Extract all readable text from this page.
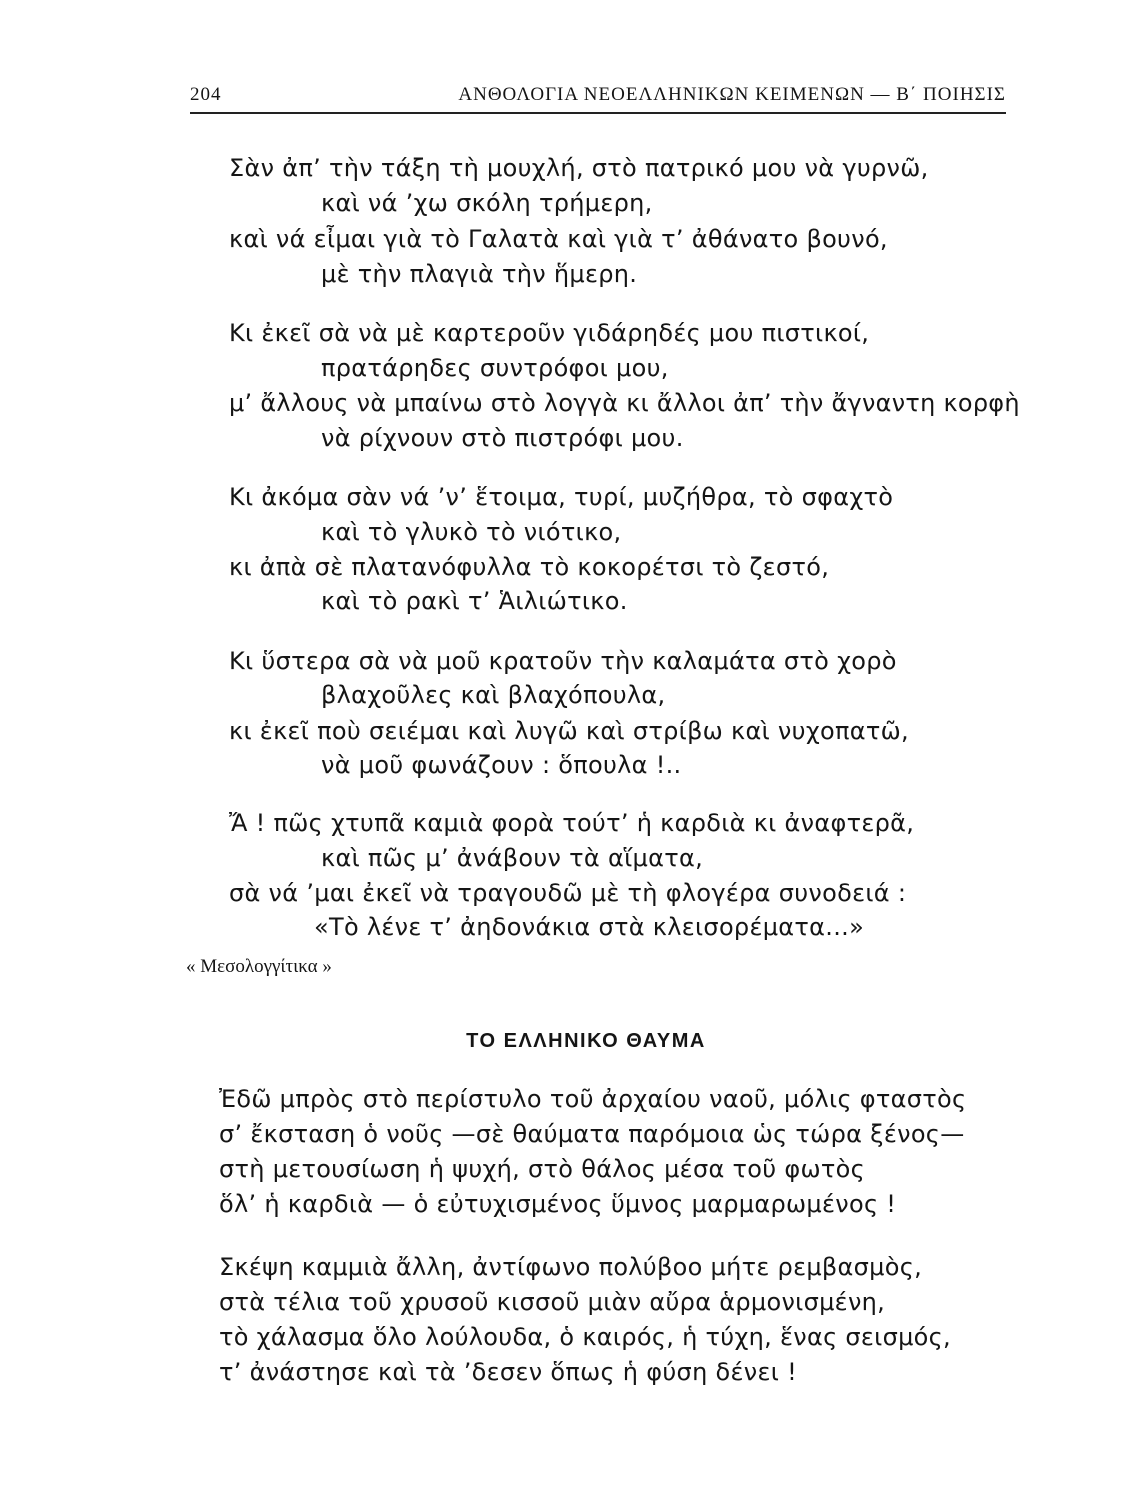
204	ΑΝΘΟΛΟΓΙΑ ΝΕΟΕΛΛΗΝΙΚΩΝ ΚΕΙΜΕΝΩΝ — Β΄ ΠΟΙΗΣΙΣ
Σὰν ἀπ’ τὴν τάξη τὴ μουχλή, στὸ πατρικό μου νὰ γυρνῶ,
καὶ νά ’χω σκόλη τρήμερη,
καὶ νά εἶμαι γιὰ τὸ Γαλατὰ καὶ γιὰ τ’ ἀθάνατο βουνό,
μὲ τὴν πλαγιὰ τὴν ἥμερη.
Κι ἐκεῖ σὰ νὰ μὲ καρτεροῦν γιδάρηδές μου πιστικοί,
πρατάρηδες συντρόφοι μου,
μ’ ἄλλους νὰ μπαίνω στὸ λογγὰ κι ἄλλοι ἀπ’ τὴν ἄγναντη κορφὴ
νὰ ρίχνουν στὸ πιστρόφι μου.
Κι ἀκόμα σὰν νά ’ν’ ἕτοιμα, τυρί, μυζήθρα, τὸ σφαχτὸ
καὶ τὸ γλυκὸ τὸ νιότικο,
κι ἀπὰ σὲ πλατανόφυλλα τὸ κοκορέτσι τὸ ζεστό,
καὶ τὸ ρακὶ τ’ Ἁιλιώτικο.
Κι ὕστερα σὰ νὰ μοῦ κρατοῦν τὴν καλαμάτα στὸ χορὸ
βλαχοῦλες καὶ βλαχόπουλα,
κι ἐκεῖ ποὺ σειέμαι καὶ λυγῶ καὶ στρίβω καὶ νυχοπατῶ,
νὰ μοῦ φωνάζουν : ὅπουλα !..
Ἄ ! πῶς χτυπᾶ καμιὰ φορὰ τούτ’ ἡ καρδιὰ κι ἀναφτερᾶ,
καὶ πῶς μ’ ἀνάβουν τὰ αἵματα,
σὰ νά ’μαι ἐκεῖ νὰ τραγουδῶ μὲ τὴ φλογέρα συνοδειά :
«Τὸ λένε τ’ ἀηδονάκια στὰ κλεισορέματα...»
« Μεσολογγίτικα »
ΤΟ ΕΛΛΗΝΙΚΟ ΘΑΥΜΑ
Ἐδῶ μπρὸς στὸ περίστυλο τοῦ ἀρχαίου ναοῦ, μόλις φταστὸς
σ’ ἔκσταση ὁ νοῦς —σὲ θαύματα παρόμοια ὡς τώρα ξένος—
στὴ μετουσίωση ἡ ψυχή, στὸ θάλος μέσα τοῦ φωτὸς
ὅλ’ ἡ καρδιὰ — ὁ εὐτυχισμένος ὕμνος μαρμαρωμένος !
Σκέψη καμμιὰ ἄλλη, ἀντίφωνο πολύβοο μήτε ρεμβασμὸς,
στὰ τέλια τοῦ χρυσοῦ κισσοῦ μιὰν αὔρα ἁρμονισμένη,
τὸ χάλασμα ὅλο λούλουδα, ὁ καιρός, ἡ τύχη, ἕνας σεισμός,
τ’ ἀνάστησε καὶ τὰ ’δεσεν ὅπως ἡ φύση δένει !
